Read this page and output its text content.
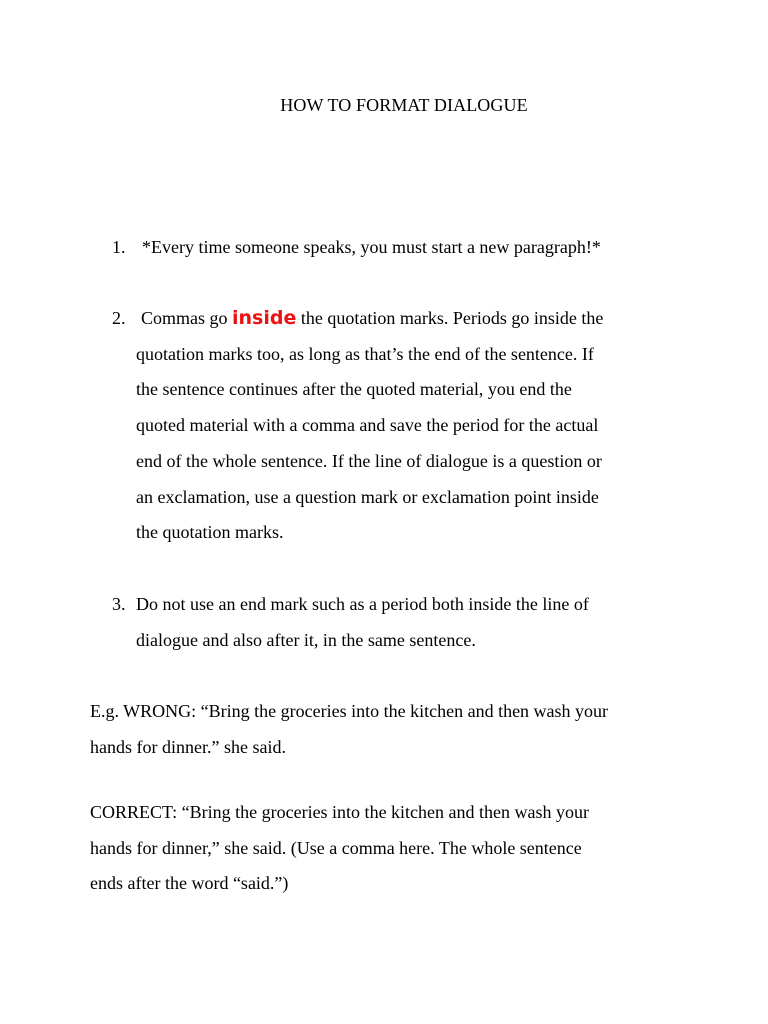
HOW TO FORMAT DIALOGUE
1. *Every time someone speaks, you must start a new paragraph!*
2. Commas go inside the quotation marks. Periods go inside the
quotation marks too, as long as that’s the end of the sentence. If
the sentence continues after the quoted material, you end the
quoted material with a comma and save the period for the actual
end of the whole sentence. If the line of dialogue is a question or
an exclamation, use a question mark or exclamation point inside
the quotation marks.
3. Do not use an end mark such as a period both inside the line of
dialogue and also after it, in the same sentence.
E.g. WRONG: “Bring the groceries into the kitchen and then wash your
hands for dinner.” she said.
CORRECT: “Bring the groceries into the kitchen and then wash your
hands for dinner,” she said. (Use a comma here. The whole sentence
ends after the word “said.”)
